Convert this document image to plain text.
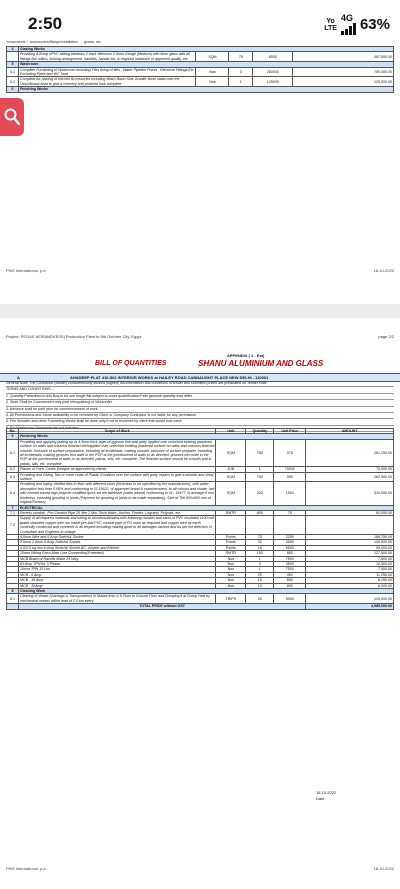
2:50	Yo
LTE
4G 63%
components + accessories/fittings/installation ..., grouts, etc.
4	Glazing Works				
	Providing & fixing UPVC sliding windows 2 track Minimum 2.5mm Gauge (Medium) with 6mm glass with all fittings like rollers, locking arrangement, handles, handle etc. & required hardware of approved quality, etc.	SQM	75	6500	487,500.00
5	Washroom				
5.1	Complete Furnishing of Washroom including Tiles fixing of tiles , Water Pipeline Points , Electrical Fittings Etc Excluding Pipes and WC Seat	Nos	3	250000	750,000.00
5.2	Complete fur-nishing of Kitchen Accessories including Wash Basin Sink Granite stone slabs over the Ussurlboard Area to give a chimney and polished look complete	Nos	1	125000	125,000.00
6	Finishing Works				
PNG International, p.a.	18-10-2022
Project: PEGAS NORANDVESSI Production Plant in 6th October City, Egypt	page 2/2
APPENDIX ( 1 - Est)
BILL OF QUANTITIES	SHANU ALUMINIUM AND GLASS
A	AHADEEP PLAT 410-502 INTERIOR WORKS at HAILEY ROAD CANNAUGHT PLACE NEW DELHI - 110001
General Note: The Contractor (Bidder) conscientiously studied (signed) documentation and conditions of tender and submitted prices are predicated on Tender Rate.
TERMS AND CONDITIONS :-
1. Quantity Prescribed in this Boq is for one single flat subject to cross quantification Felix genuine quantity may differ
2. Work Shall be Commenced only post relinquishing of Workorder
3. Advance shall be paid prior for commencement of work
4. All Permissions and Stone availability to be removed by Client or Company Contractor is not liable for any permission
5. Fire Wooden and other Furnishing Works shall be done only if not is rendered by client that would cost extra
6. For Washroom Chinaware are not included
No.	Scope of Work	Unit	Quantity	Unit Price	AMOUNT
6	Finishing Works				
6.1	Providing and applying putting up to 4-6mm thick layer of gypsum fine wall putty applied over unlocked existing plastered surface on walls and columns finished thickapplied over unlocked existing plastered surface on walls and columns finished smooth. Inclusive of surface preparation, including all incidentals, making smooth, inclusive of surface preparer, including all incidentals, making grooves trim wide in the POP at the junction/end of walls or as directed, grooves trim wide in the POP at the junction/end of walls or as directed, patras, sills, etc. complete. The finished surface should be smooth and in patras, sills, etc. complete.	SQM	750	375	281,250.00
6.2	Plaster of Paris Cornis Designs as approved by clients	JOB	1	75000	75,000.00
6.3	Providing and Giving Two or more coats of Plastic Emulsion over the surface with putty repairs to give a smooth and shiny surface	SQM	750	350	262,500.00
6.4	Providing and laying Vitrified tiles in floor with different sizes (thickness to be specified by the manufacturer), with water absorption less than 0.08% and conforming to IS 15622, of approved brand & manufacturers, in all colours and shade, laid with cement based high polymer modified quick set tile adhesive (water based) conforming to IS : 15477, in average 6 mm thickness, including grouting of joints (Payment for grouting of joints to be made separately). Size of Tile 600x600 mm of Kajaria/Somany	SQM	200	1550	310,000.00
7	ELECTRICAL				
7.1	Recess conduit , Pvc Conduit Pipe 25 Mm 2 Mm Thick Make- Anchor, Finolex, Legrand, Polycab, etc.	RMTR	800	75	60,000.00
7.2	Supply of all required materials and wiring to circuits/submains with following number and sizes of PVC insulated 1100 volt grade stranded copper wire run inside pre-laid PVC conduit pipe of FG mark as required and copper wire as earth continuity conductor and connects in all respect including making good to all damages caused and as per the direction of Consultant and Engineer-in-charge.				
	5.5mm Wire and 6 Amp Switch& Socket	Points	75	2250	168,750.00
	2.5mm 2.5mm 6 Amp Switch& Socket	Points	30	3550	106,500.00
	4.0/2.5 sq mm 6 Amp Switch& Socket AC, Geyser and Kitchen	Points	18	5500	99,000.00
	10mm Wiring Extra Main Line Connection(If needed)	RMTR	150	850	127,500.00
	MCB Board of Havells Make 24 Way	Nos	1	7500	7,500.00
	63 Amp TPN for 3 Phase	Nos	3	3500	10,500.00
	16mm TPN 10 Ltrs	Nos	1	7500	7,500.00
	MCB - 6 Amp	Nos	25	450	11,250.00
	MCB - 16 Amp	Nos	15	550	8,250.00
	MCB - 32Amp	Nos	10	850	8,500.00
8	Cleaning Work				
8.1	Clearing of Waste (Garbage & Transportation of Malwa from 4-5 Floor to Ground Floor and Dumping it at Dump Yard by mechanical means within lead of 2.5 km every	TRIPS	25	5000	125,000.00
	TOTAL PRICE without GST				4,985,000.00
18.10.2022
Date
PNG International, p.a.	18-10-2022
